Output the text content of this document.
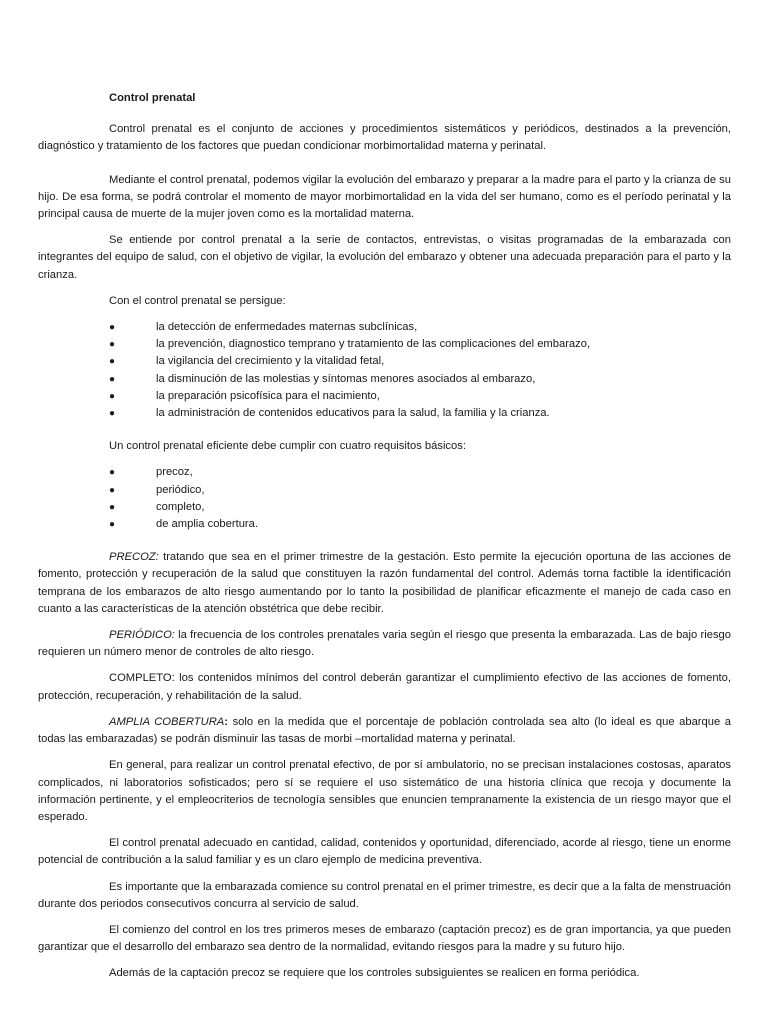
Control prenatal

Control prenatal es el conjunto de acciones y procedimientos sistemáticos y periódicos, destinados a la prevención, diagnóstico y tratamiento de los factores que puedan condicionar morbimortalidad materna y perinatal.

Mediante el control prenatal, podemos vigilar la evolución del embarazo y preparar a la madre para el parto y la crianza de su hijo. De esa forma, se podrá controlar el momento de mayor morbimortalidad en la vida del ser humano, como es el período perinatal y la principal causa de muerte de la mujer joven como es la mortalidad materna.

Se entiende por control prenatal a la serie de contactos, entrevistas, o visitas programadas de la embarazada con integrantes del equipo de salud, con el objetivo de vigilar, la evolución del embarazo y obtener una adecuada preparación para el parto y la crianza.

Con el control prenatal se persigue:

●	la detección de enfermedades maternas subclínicas,
●	la prevención, diagnostico temprano y tratamiento de las complicaciones del embarazo,
●	la vigilancia del crecimiento y la vitalidad fetal,
●	la disminución de las molestias y síntomas menores asociados al embarazo,
●	la preparación psicofísica para el nacimiento,
●	la administración de contenidos educativos para la salud, la familia y la crianza.

Un control prenatal eficiente debe cumplir con cuatro requisitos básicos:

●	precoz,
●	periódico,
●	completo,
●	de amplia cobertura.

PRECOZ: tratando que sea en el primer trimestre de la gestación. Esto permite la ejecución oportuna de las acciones de fomento, protección y recuperación de la salud que constituyen la razón fundamental del control. Además torna factible la identificación temprana de los embarazos de alto riesgo aumentando por lo tanto la posibilidad de planificar eficazmente el manejo de cada caso en cuanto a las características de la atención obstétrica que debe recibir.

PERIÓDICO: la frecuencia de los controles prenatales varia según el riesgo que presenta la embarazada. Las de bajo riesgo requieren un número menor de controles de alto riesgo.

COMPLETO: los contenidos mínimos del control deberán garantizar el cumplimiento efectivo de las acciones de fomento, protección, recuperación, y rehabilitación de la salud.

AMPLIA COBERTURA: solo en la medida que el porcentaje de población controlada sea alto (lo ideal es que abarque a todas las embarazadas) se podrán disminuir las tasas de morbi –mortalidad materna y perinatal.

En general, para realizar un control prenatal efectivo, de por sí ambulatorio, no se precisan instalaciones costosas, aparatos complicados, ni laboratorios sofisticados; pero sí se requiere el uso sistemático de una historia clínica que recoja y documente la información pertinente, y el empleocriterios de tecnología sensibles que enuncien tempranamente la existencia de un riesgo mayor que el esperado.

El control prenatal adecuado en cantidad, calidad, contenidos y oportunidad, diferenciado, acorde al riesgo, tiene un enorme potencial de contribución a la salud familiar y es un claro ejemplo de medicina preventiva.

Es importante que la embarazada comience su control prenatal en el primer trimestre, es decir que a la falta de menstruación durante dos periodos consecutivos concurra al servicio de salud.

El comienzo del control en los tres primeros meses de embarazo (captación precoz) es de gran importancia, ya que pueden garantizar que el desarrollo del embarazo sea dentro de la normalidad, evitando riesgos para la madre y su futuro hijo.

Además de la captación precoz se requiere que los controles subsiguientes se realicen en forma periódica.
